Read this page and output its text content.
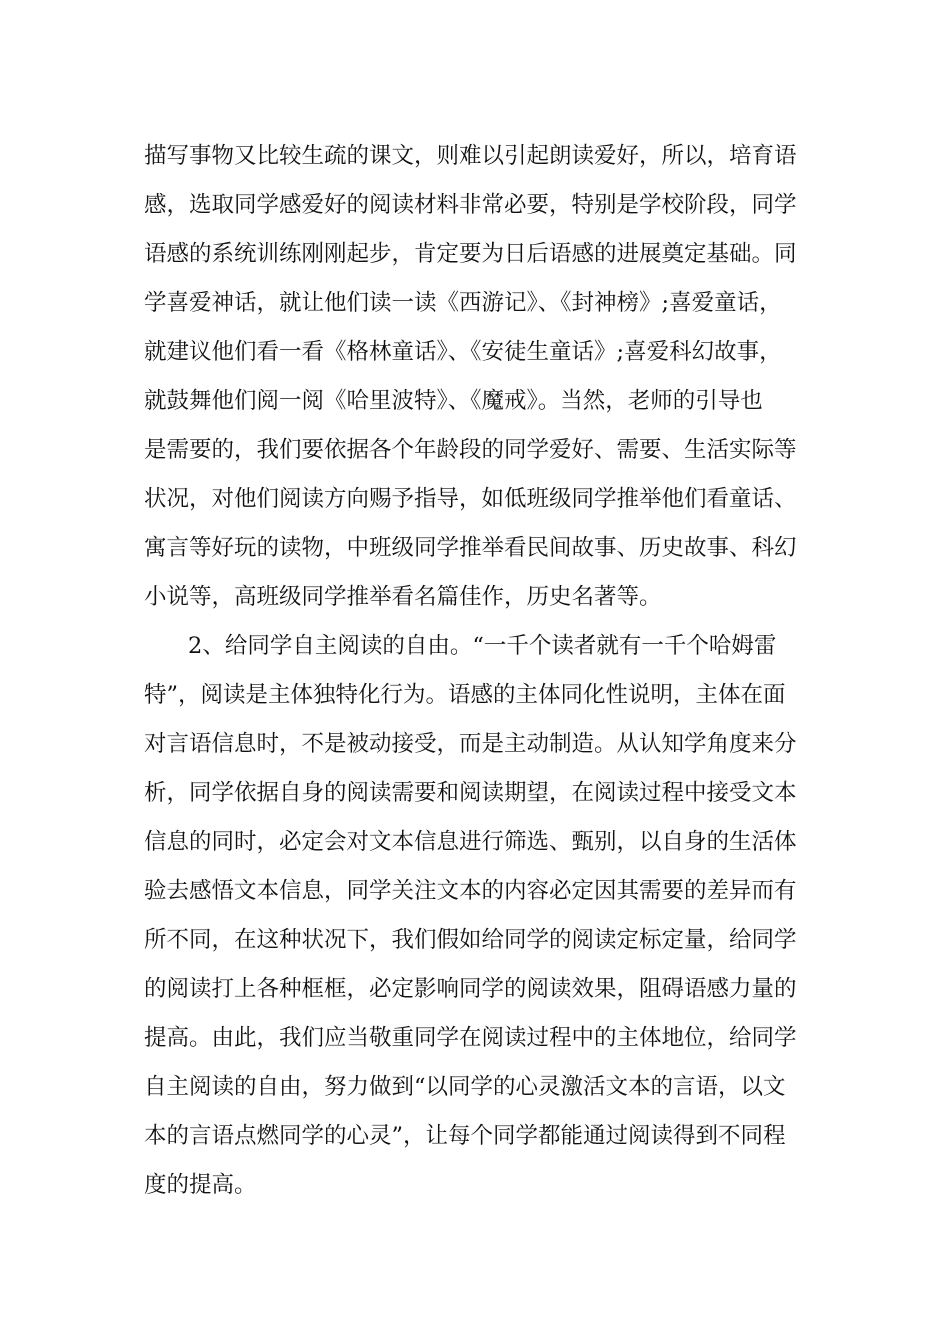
描写事物又比较生疏的课文，则难以引起朗读爱好，所以，培育语
感，选取同学感爱好的阅读材料非常必要，特别是学校阶段，同学
语感的系统训练刚刚起步，肯定要为日后语感的进展奠定基础。同
学喜爱神话，就让他们读一读《西游记》、《封神榜》;喜爱童话，
就建议他们看一看《格林童话》、《安徒生童话》;喜爱科幻故事，
就鼓舞他们阅一阅《哈里波特》、《魔戒》。当然，老师的引导也
是需要的，我们要依据各个年龄段的同学爱好、需要、生活实际等
状况，对他们阅读方向赐予指导，如低班级同学推举他们看童话、
寓言等好玩的读物，中班级同学推举看民间故事、历史故事、科幻
小说等，高班级同学推举看名篇佳作，历史名著等。
2、给同学自主阅读的自由。“一千个读者就有一千个哈姆雷
特”，阅读是主体独特化行为。语感的主体同化性说明，主体在面
对言语信息时，不是被动接受，而是主动制造。从认知学角度来分
析，同学依据自身的阅读需要和阅读期望，在阅读过程中接受文本
信息的同时，必定会对文本信息进行筛选、甄别，以自身的生活体
验去感悟文本信息，同学关注文本的内容必定因其需要的差异而有
所不同，在这种状况下，我们假如给同学的阅读定标定量，给同学
的阅读打上各种框框，必定影响同学的阅读效果，阻碍语感力量的
提高。由此，我们应当敬重同学在阅读过程中的主体地位，给同学
自主阅读的自由，努力做到“以同学的心灵激活文本的言语，以文
本的言语点燃同学的心灵”，让每个同学都能通过阅读得到不同程
度的提高。
